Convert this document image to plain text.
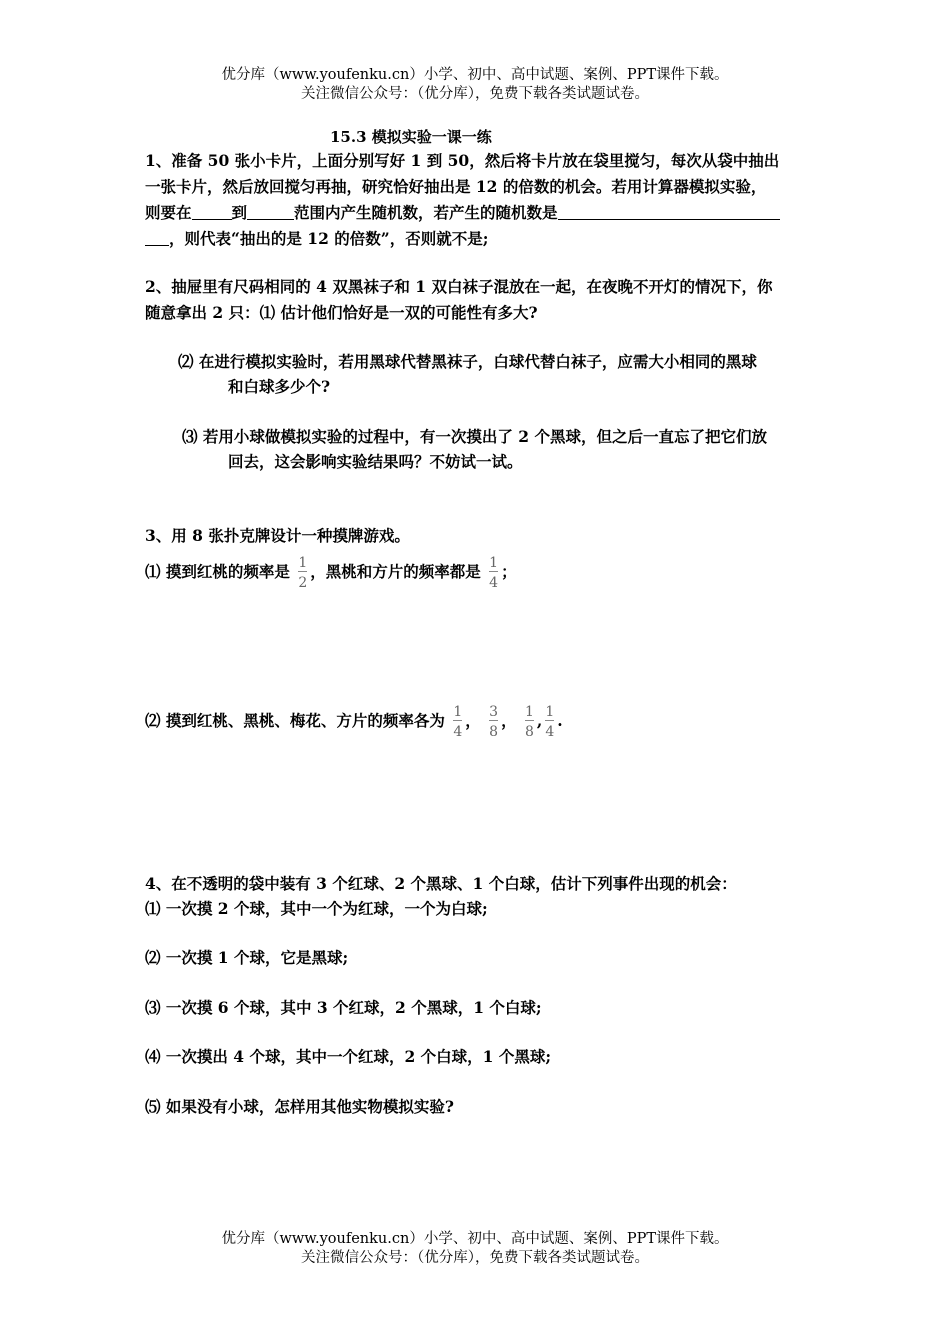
优分库（www.youfenku.cn）小学、初中、高中试题、案例、PPT课件下载。
关注微信公众号：（优分库），免费下载各类试题试卷。
15.3 模拟实验一课一练
1、准备 50 张小卡片，上面分别写好 1 到 50，然后将卡片放在袋里搅匀，每次从袋中抽出
一张卡片，然后放回搅匀再抽，研究恰好抽出是 12 的倍数的机会。若用计算器模拟实验，
则要在	到	范围内产生随机数，若产生的随机数是
，则代表“抽出的是 12 的倍数”，否则就不是;
2、抽屉里有尺码相同的 4 双黑袜子和 1 双白袜子混放在一起，在夜晚不开灯的情况下，你
随意拿出 2 只：⑴ 估计他们恰好是一双的可能性有多大?
⑵ 在进行模拟实验时，若用黑球代替黑袜子，白球代替白袜子，应需大小相同的黑球
和白球多少个?
⑶ 若用小球做模拟实验的过程中，有一次摸出了 2 个黑球，但之后一直忘了把它们放
回去，这会影响实验结果吗？不妨试一试。
3、用 8 张扑克牌设计一种摸牌游戏。
⑴ 摸到红桃的频率是 $\frac{1}{2}$ ，黑桃和方片的频率都是 $\frac{1}{4}$ ；
⑵ 摸到红桃、黑桃、梅花、方片的频率各为 $\frac{1}{4}$ ， $\frac{3}{8}$ ， $\frac{1}{8}$ , $\frac{1}{4}$ .
4、在不透明的袋中装有 3 个红球、2 个黑球、1 个白球，估计下列事件出现的机会：
⑴ 一次摸 2 个球，其中一个为红球，一个为白球;
⑵ 一次摸 1 个球，它是黑球;
⑶ 一次摸 6 个球，其中 3 个红球，2 个黑球，1 个白球;
⑷ 一次摸出 4 个球，其中一个红球，2 个白球，1 个黑球;
⑸ 如果没有小球，怎样用其他实物模拟实验?
优分库（www.youfenku.cn）小学、初中、高中试题、案例、PPT课件下载。
关注微信公众号：（优分库），免费下载各类试题试卷。
